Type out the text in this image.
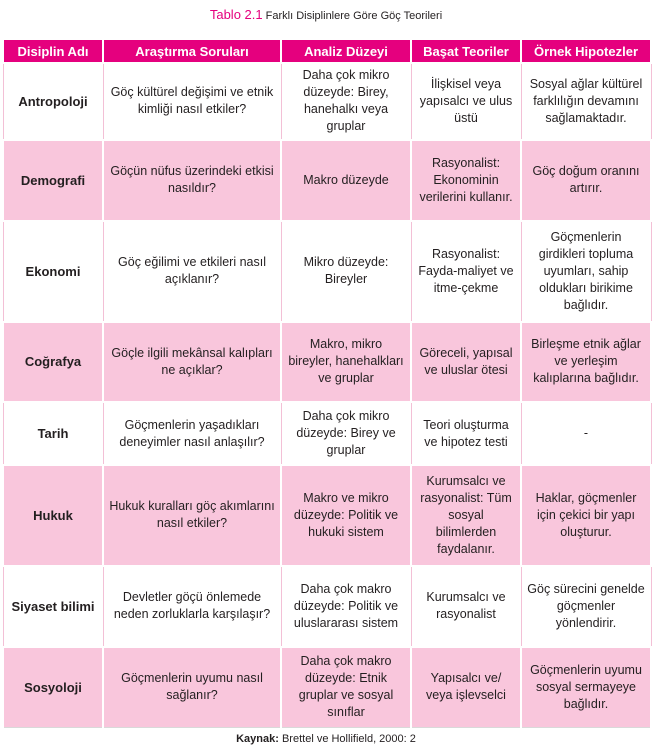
Tablo 2.1 Farklı Disiplinlere Göre Göç Teorileri
Disiplin Adı	Araştırma Soruları	Analiz Düzeyi	Başat Teoriler	Örnek Hipotezler
Antropoloji	Göç kültürel değişimi ve etnik kimliği nasıl etkiler?	Daha çok mikro düzeyde: Birey, hanehalkı veya gruplar	İlişkisel veya yapısalcı ve ulus üstü	Sosyal ağlar kültürel farklılığın devamını sağlamaktadır.
Demografi	Göçün nüfus üzerindeki etkisi nasıldır?	Makro düzeyde	Rasyonalist: Ekonominin verilerini kullanır.	Göç doğum oranını artırır.
Ekonomi	Göç eğilimi ve etkileri nasıl açıklanır?	Mikro düzeyde: Bireyler	Rasyonalist: Fayda-maliyet ve itme-çekme	Göçmenlerin girdikleri topluma uyumları, sahip oldukları birikime bağlıdır.
Coğrafya	Göçle ilgili mekânsal kalıpları ne açıklar?	Makro, mikro bireyler, hanehalkları ve gruplar	Göreceli, yapısal ve uluslar ötesi	Birleşme etnik ağlar ve yerleşim kalıplarına bağlıdır.
Tarih	Göçmenlerin yaşadıkları deneyimler nasıl anlaşılır?	Daha çok mikro düzeyde: Birey ve gruplar	Teori oluşturma ve hipotez testi	-
Hukuk	Hukuk kuralları göç akımlarını nasıl etkiler?	Makro ve mikro düzeyde: Politik ve hukuki sistem	Kurumsalcı ve rasyonalist: Tüm sosyal bilimlerden faydalanır.	Haklar, göçmenler için çekici bir yapı oluşturur.
Siyaset bilimi	Devletler göçü önlemede neden zorluklarla karşılaşır?	Daha çok makro düzeyde: Politik ve uluslararası sistem	Kurumsalcı ve rasyonalist	Göç sürecini genelde göçmenler yönlendirir.
Sosyoloji	Göçmenlerin uyumu nasıl sağlanır?	Daha çok makro düzeyde: Etnik gruplar ve sosyal sınıflar	Yapısalcı ve/ veya işlevselci	Göçmenlerin uyumu sosyal sermayeye bağlıdır.
Kaynak: Brettel ve Hollifield, 2000: 2
